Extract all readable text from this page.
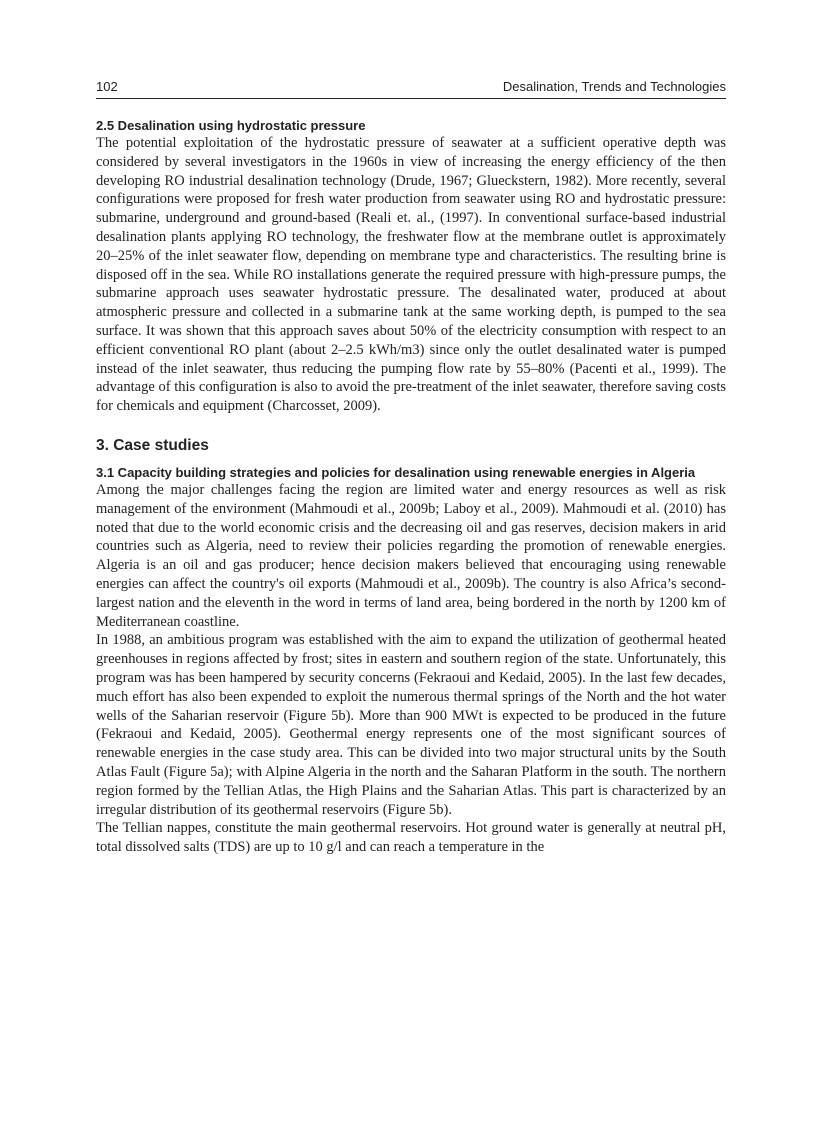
102	Desalination, Trends and Technologies
2.5 Desalination using hydrostatic pressure

The potential exploitation of the hydrostatic pressure of seawater at a sufficient operative depth was considered by several investigators in the 1960s in view of increasing the energy efficiency of the then developing RO industrial desalination technology (Drude, 1967; Glueckstern, 1982). More recently, several configurations were proposed for fresh water production from seawater using RO and hydrostatic pressure: submarine, underground and ground-based (Reali et. al., (1997). In conventional surface-based industrial desalination plants applying RO technology, the freshwater flow at the membrane outlet is approximately 20–25% of the inlet seawater flow, depending on membrane type and characteristics. The resulting brine is disposed off in the sea. While RO installations generate the required pressure with high-pressure pumps, the submarine approach uses seawater hydrostatic pressure. The desalinated water, produced at about atmospheric pressure and collected in a submarine tank at the same working depth, is pumped to the sea surface. It was shown that this approach saves about 50% of the electricity consumption with respect to an efficient conventional RO plant (about 2–2.5 kWh/m3) since only the outlet desalinated water is pumped instead of the inlet seawater, thus reducing the pumping flow rate by 55–80% (Pacenti et al., 1999). The advantage of this configuration is also to avoid the pre-treatment of the inlet seawater, therefore saving costs for chemicals and equipment (Charcosset, 2009).

3. Case studies
3.1 Capacity building strategies and policies for desalination using renewable energies in Algeria

Among the major challenges facing the region are limited water and energy resources as well as risk management of the environment (Mahmoudi et al., 2009b; Laboy et al., 2009). Mahmoudi et al. (2010) has noted that due to the world economic crisis and the decreasing oil and gas reserves, decision makers in arid countries such as Algeria, need to review their policies regarding the promotion of renewable energies. Algeria is an oil and gas producer; hence decision makers believed that encouraging using renewable energies can affect the country's oil exports (Mahmoudi et al., 2009b). The country is also Africa’s second-largest nation and the eleventh in the word in terms of land area, being bordered in the north by 1200 km of Mediterranean coastline.

In 1988, an ambitious program was established with the aim to expand the utilization of geothermal heated greenhouses in regions affected by frost; sites in eastern and southern region of the state. Unfortunately, this program was has been hampered by security concerns (Fekraoui and Kedaid, 2005). In the last few decades, much effort has also been expended to exploit the numerous thermal springs of the North and the hot water wells of the Saharian reservoir (Figure 5b). More than 900 MWt is expected to be produced in the future (Fekraoui and Kedaid, 2005). Geothermal energy represents one of the most significant sources of renewable energies in the case study area. This can be divided into two major structural units by the South Atlas Fault (Figure 5a); with Alpine Algeria in the north and the Saharan Platform in the south. The northern region formed by the Tellian Atlas, the High Plains and the Saharian Atlas. This part is characterized by an irregular distribution of its geothermal reservoirs (Figure 5b).

The Tellian nappes, constitute the main geothermal reservoirs. Hot ground water is generally at neutral pH, total dissolved salts (TDS) are up to 10 g/l and can reach a temperature in the
